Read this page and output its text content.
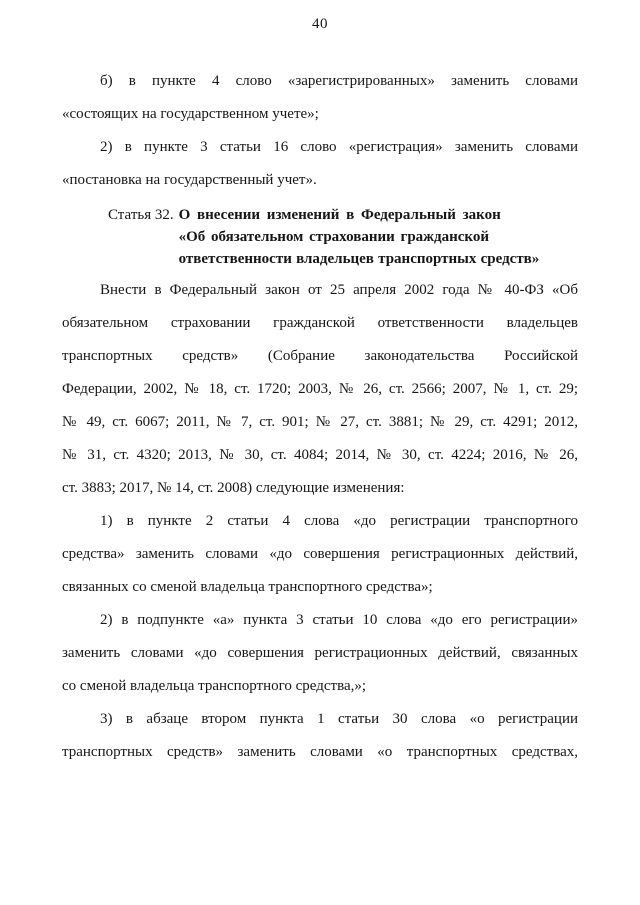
40
б) в пункте 4 слово «зарегистрированных» заменить словами
«состоящих на государственном учете»;
2) в пункте 3 статьи 16 слово «регистрация» заменить словами
«постановка на государственный учет».
Статья 32. О внесении изменений в Федеральный закон
«Об обязательном страховании гражданской
ответственности владельцев транспортных средств»
Внести в Федеральный закон от 25 апреля 2002 года № 40-ФЗ «Об
обязательном страховании гражданской ответственности владельцев
транспортных средств» (Собрание законодательства Российской
Федерации, 2002, № 18, ст. 1720; 2003, № 26, ст. 2566; 2007, № 1, ст. 29;
№ 49, ст. 6067; 2011, № 7, ст. 901; № 27, ст. 3881; № 29, ст. 4291; 2012,
№ 31, ст. 4320; 2013, № 30, ст. 4084; 2014, № 30, ст. 4224; 2016, № 26,
ст. 3883; 2017, № 14, ст. 2008) следующие изменения:
1) в пункте 2 статьи 4 слова «до регистрации транспортного
средства» заменить словами «до совершения регистрационных действий,
связанных со сменой владельца транспортного средства»;
2) в подпункте «а» пункта 3 статьи 10 слова «до его регистрации»
заменить словами «до совершения регистрационных действий, связанных
со сменой владельца транспортного средства,»;
3) в абзаце втором пункта 1 статьи 30 слова «о регистрации
транспортных средств» заменить словами «о транспортных средствах,
